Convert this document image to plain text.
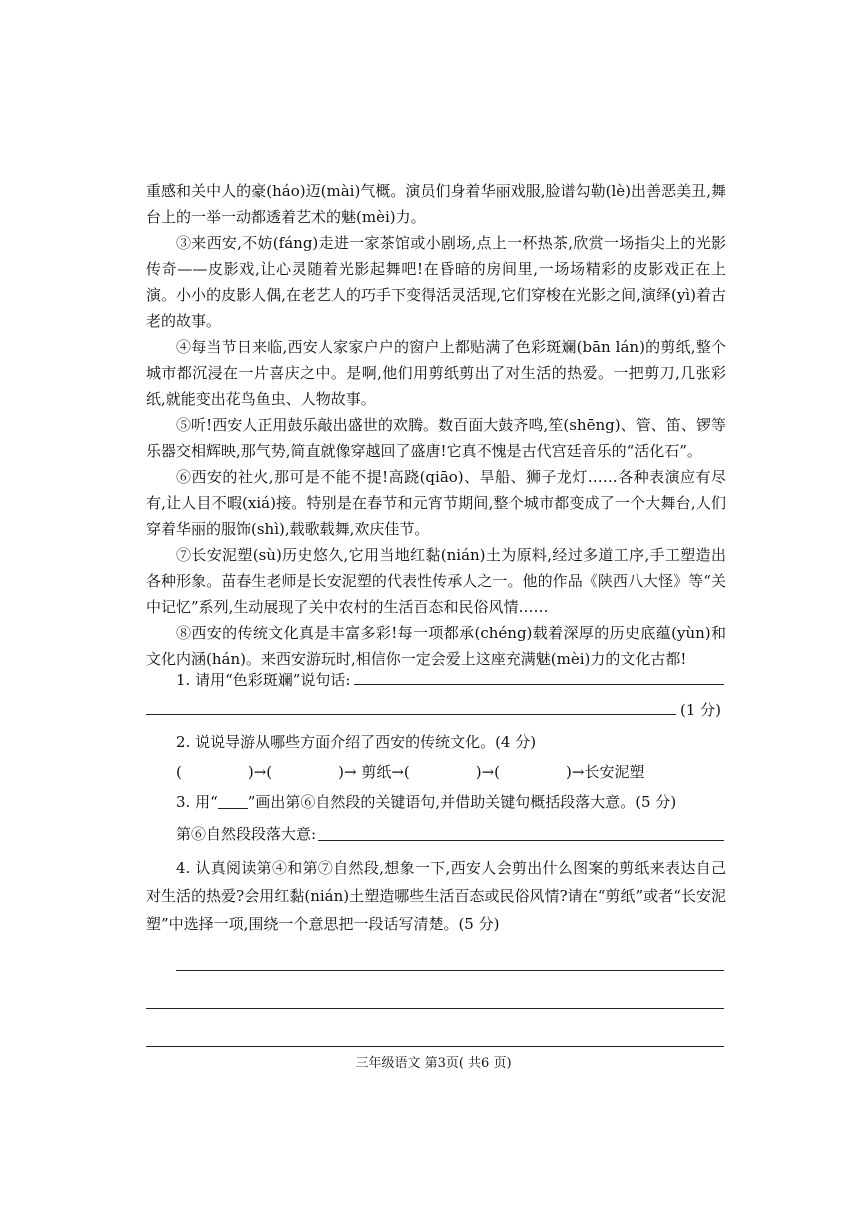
重感和关中人的豪(háo)迈(mài)气概。演员们身着华丽戏服,脸谱勾勒(lè)出善恶美丑,舞台上的一举一动都透着艺术的魅(mèi)力。

③来西安,不妨(fáng)走进一家茶馆或小剧场,点上一杯热茶,欣赏一场指尖上的光影传奇——皮影戏,让心灵随着光影起舞吧!在昏暗的房间里,一场场精彩的皮影戏正在上演。小小的皮影人偶,在老艺人的巧手下变得活灵活现,它们穿梭在光影之间,演绎(yì)着古老的故事。

④每当节日来临,西安人家家户户的窗户上都贴满了色彩斑斓(bān lán)的剪纸,整个城市都沉浸在一片喜庆之中。是啊,他们用剪纸剪出了对生活的热爱。一把剪刀,几张彩纸,就能变出花鸟鱼虫、人物故事。

⑤听!西安人正用鼓乐敲出盛世的欢腾。数百面大鼓齐鸣,笙(shēng)、管、笛、锣等乐器交相辉映,那气势,简直就像穿越回了盛唐!它真不愧是古代宫廷音乐的“活化石”。

⑥西安的社火,那可是不能不提!高跷(qiāo)、旱船、狮子龙灯……各种表演应有尽有,让人目不暇(xiá)接。特别是在春节和元宵节期间,整个城市都变成了一个大舞台,人们穿着华丽的服饰(shì),载歌载舞,欢庆佳节。

⑦长安泥塑(sù)历史悠久,它用当地红黏(nián)土为原料,经过多道工序,手工塑造出各种形象。苗春生老师是长安泥塑的代表性传承人之一。他的作品《陕西八大怪》等“关中记忆”系列,生动展现了关中农村的生活百态和民俗风情……

⑧西安的传统文化真是丰富多彩!每一项都承(chéng)载着深厚的历史底蕴(yùn)和文化内涵(hán)。来西安游玩时,相信你一定会爱上这座充满魅(mèi)力的文化古都!

1. 请用“色彩斑斓”说句话:
(1 分)
2. 说说导游从哪些方面介绍了西安的传统文化。(4 分)
(	)→(	)→ 剪纸→(	)→(	)→长安泥塑
3. 用“ ”画出第⑥自然段的关键语句,并借助关键句概括段落大意。(5 分)
第⑥自然段段落大意:

4. 认真阅读第④和第⑦自然段,想象一下,西安人会剪出什么图案的剪纸来表达自己对生活的热爱?会用红黏(nián)土塑造哪些生活百态或民俗风情?请在“剪纸”或者“长安泥塑”中选择一项,围绕一个意思把一段话写清楚。(5 分)

三年级语文 第3页( 共6 页)
